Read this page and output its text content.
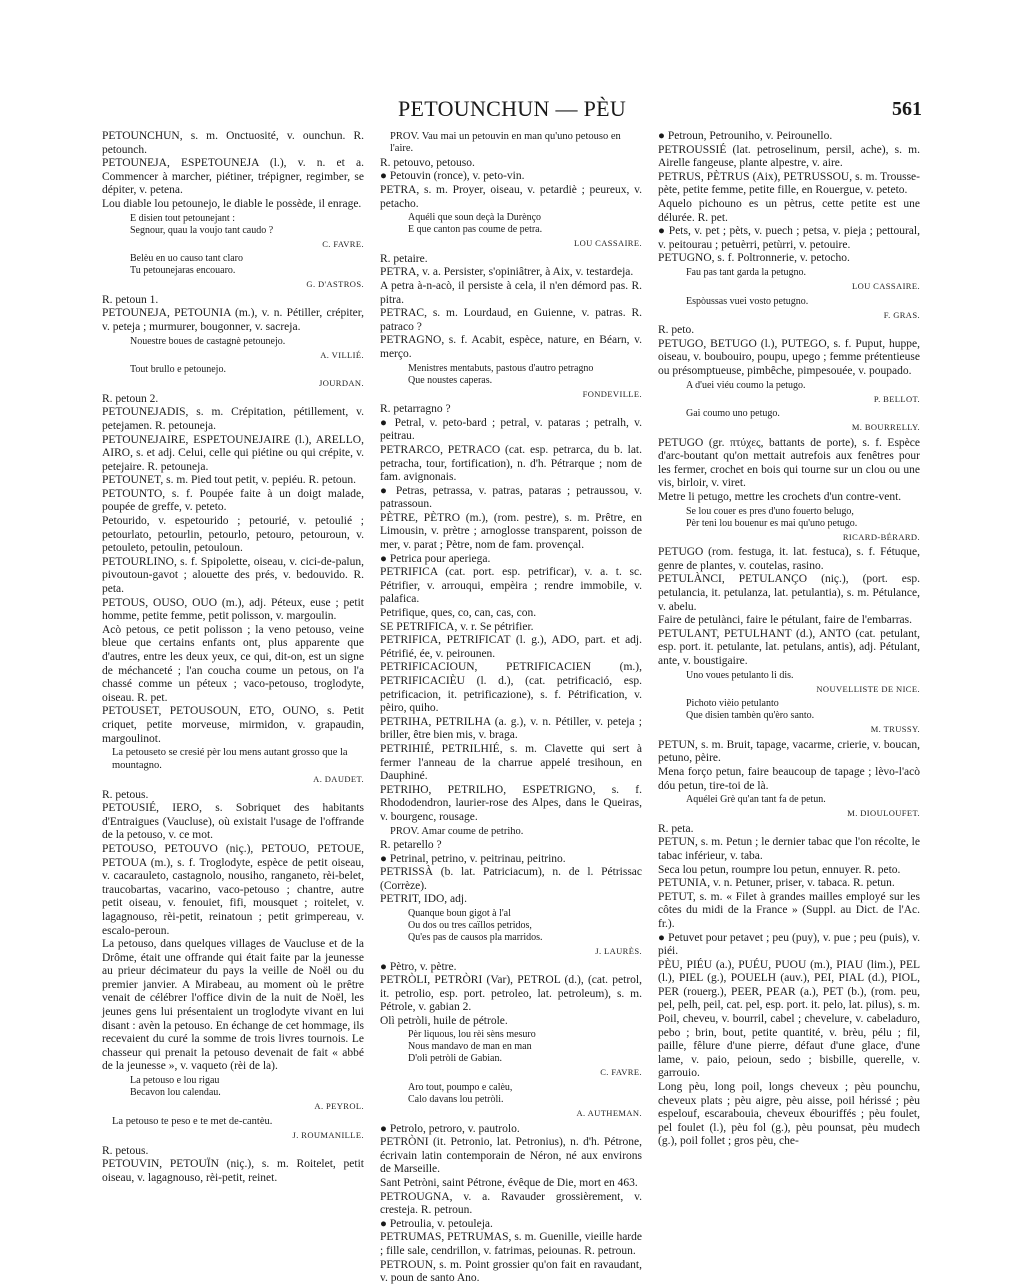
PETOUNCHUN — PÈU	561

PETOUNCHUN, s. m. Onctuosité, v. ounchun. R. petounch.

PETOUNEJA, ESPETOUNEJA (l.), v. n. et a. Commencer à marcher, piétiner, trépigner, regimber, se dépiter, v. petena.

Lou diable lou petounejo, le diable le possède, il enrage.

E disien tout petounejant :
Segnour, quau la voujo tant caudo ?

C. FAVRE.

Belèu en uo causo tant claro
Tu petounejaras encouaro.

G. D'ASTROS.

R. petoun 1.

PETOUNEJA, PETOUNIA (m.), v. n. Pétiller, crépiter, v. peteja ; murmurer, bougonner, v. sacreja.

Nouestre boues de castagnè petounejo.

A. VILLIÉ.

Tout brullo e petounejo.

JOURDAN.

R. petoun 2.

PETOUNEJADIS, s. m. Crépitation, pétillement, v. petejamen. R. petouneja.

PETOUNEJAIRE, ESPETOUNEJAIRE (l.), ARELLO, AIRO, s. et adj. Celui, celle qui piétine ou qui crépite, v. petejaire. R. petouneja.

PETOUNET, s. m. Pied tout petit, v. pepiéu. R. petoun.

PETOUNTO, s. f. Poupée faite à un doigt malade, poupée de greffe, v. peteto.

Petourido, v. espetourido ; petourié, v. petoulié ; petourlato, petourlin, petourlo, petouro, petouroun, v. petouleto, petoulin, petouloun.

PETOURLINO, s. f. Spipolette, oiseau, v. cici-de-palun, pivoutoun-gavot ; alouette des prés, v. bedouvido. R. peta.

PETOUS, OUSO, OUO (m.), adj. Péteux, euse ; petit homme, petite femme, petit polisson, v. margoulin.

Acò petous, ce petit polisson ; la veno petouso, veine bleue que certains enfants ont, plus apparente que d'autres, entre les deux yeux, ce qui, dit-on, est un signe de méchanceté ; l'an coucha coume un petous, on l'a chassé comme un péteux ; vaco-petouso, troglodyte, oiseau. R. pet.

PETOUSET, PETOUSOUN, ETO, OUNO, s. Petit criquet, petite morveuse, mirmidon, v. grapaudin, margoulinot.

La petouseto se cresié pèr lou mens autant grosso que la mountagno.

A. DAUDET.

R. petous.

PETOUSIÉ, IERO, s. Sobriquet des habitants d'Entraigues (Vaucluse), où existait l'usage de l'offrande de la petouso, v. ce mot.

PETOUSO, PETOUVO (niç.), PETOUO, PETOUE, PETOUA (m.), s. f. Troglodyte, espèce de petit oiseau, v. cacarauleto, castagnolo, nousiho, ranganeto, rèi-belet, traucobartas, vacarino, vaco-petouso ; chantre, autre petit oiseau, v. fenouiet, fifi, mousquet ; roitelet, v. lagagnouso, rèi-petit, reinatoun ; petit grimpereau, v. escalo-peroun.

La petouso, dans quelques villages de Vaucluse et de la Drôme, était une offrande qui était faite par la jeunesse au prieur décimateur du pays la veille de Noël ou du premier janvier. A Mirabeau, au moment où le prêtre venait de célébrer l'office divin de la nuit de Noël, les jeunes gens lui présentaient un troglodyte vivant en lui disant : avèn la petouso. En échange de cet hommage, ils recevaient du curé la somme de trois livres tournois. Le chasseur qui prenait la petouso devenait de fait « abbé de la jeunesse », v. vaqueto (rèi de la).

La petouso e lou rigau
Becavon lou calendau.

A. PEYROL.

La petouso te peso e te met de-cantèu.

J. ROUMANILLE.

R. petous.

PETOUVIN, PETOUÏN (niç.), s. m. Roitelet, petit oiseau, v. lagagnouso, rèi-petit, reinet.

PROV. Vau mai un petouvin en man qu'uno petouso en l'aire.

R. petouvo, petouso.

● Petouvin (ronce), v. peto-vin.

PETRA, s. m. Proyer, oiseau, v. petardiè ; peureux, v. petacho.

Aquéli que soun deçà la Durènço
E que canton pas coume de petra.

LOU CASSAIRE.

R. petaire.

PETRA, v. a. Persister, s'opiniâtrer, à Aix, v. testardeja.

A petra à-n-acò, il persiste à cela, il n'en démord pas. R. pitra.

PETRAC, s. m. Lourdaud, en Guienne, v. patras. R. patraco ?

PETRAGNO, s. f. Acabit, espèce, nature, en Béarn, v. merço.

Menistres mentabuts, pastous d'autro petragno
Que noustes caperas.

FONDEVILLE.

R. petarragno ?

● Petral, v. peto-bard ; petral, v. pataras ; petralh, v. peitrau.

PETRARCO, PETRACO (cat. esp. petrarca, du b. lat. petracha, tour, fortification), n. d'h. Pétrarque ; nom de fam. avignonais.

● Petras, petrassa, v. patras, pataras ; petraussou, v. patrassoun.

PÈTRE, PÈTRO (m.), (rom. pestre), s. m. Prêtre, en Limousin, v. prètre ; arnoglosse transparent, poisson de mer, v. parat ; Pètre, nom de fam. provençal.

● Petrica pour aperiega.

PETRIFICA (cat. port. esp. petrificar), v. a. t. sc. Pétrifier, v. arrouqui, empèira ; rendre immobile, v. palafica.

Petrifique, ques, co, can, cas, con.

SE PETRIFICA, v. r. Se pétrifier.

PETRIFICA, PETRIFICAT (l. g.), ADO, part. et adj. Pétrifié, ée, v. peirounen.

PETRIFICACIOUN, PETRIFICACIEN (m.), PETRIFICACIÈU (l. d.), (cat. petrificació, esp. petrificacion, it. petrificazione), s. f. Pétrification, v. pèiro, quiho.

PETRIHA, PETRILHA (a. g.), v. n. Pétiller, v. peteja ; briller, être bien mis, v. braga.

PETRIHIÉ, PETRILHIÉ, s. m. Clavette qui sert à fermer l'anneau de la charrue appelé tresihoun, en Dauphiné.

PETRIHO, PETRILHO, ESPETRIGNO, s. f. Rhododendron, laurier-rose des Alpes, dans le Queiras, v. bourgenc, rousage.

PROV. Amar coume de petriho.

R. petarello ?

● Petrinal, petrino, v. peitrinau, peitrino.

PETRISSÀ (b. lat. Patriciacum), n. de l. Pétrissac (Corrèze).

PETRIT, IDO, adj.

Quanque boun gigot à l'al
Ou dos ou tres caïllos petridos,
Qu'es pas de causos pla marridos.

J. LAURÈS.

● Pètro, v. pètre.

PETRÒLI, PETRÒRI (Var), PETROL (d.), (cat. petrol, it. petrolio, esp. port. petroleo, lat. petroleum), s. m. Pétrole, v. gabian 2.

Olì petròli, huile de pétrole.

Pèr liquous, lou rèi sèns mesuro
Nous mandavo de man en man
D'olì petròli de Gabian.

C. FAVRE.

Aro tout, poumpo e calèu,
Calo davans lou petròli.

A. AUTHEMAN.

● Petrolo, petroro, v. pautrolo.

PETRÒNI (it. Petronio, lat. Petronius), n. d'h. Pétrone, écrivain latin contemporain de Néron, né aux environs de Marseille.

Sant Petròni, saint Pétrone, évêque de Die, mort en 463.

PETROUGNA, v. a. Ravauder grossièrement, v. cresteja. R. petroun.

● Petroulia, v. petouleja.

PETRUMAS, PETRUMAS, s. m. Guenille, vieille harde ; fille sale, cendrillon, v. fatrimas, peiounas. R. petroun.

PETROUN, s. m. Point grossier qu'on fait en ravaudant, v. poun de santo Ano.

● Petroun, Petrouniho, v. Peirounello.

PETROUSSIÉ (lat. petroselinum, persil, ache), s. m. Airelle fangeuse, plante alpestre, v. aire.

PETRUS, PÈTRUS (Aix), PETRUSSOU, s. m. Trousse-pète, petite femme, petite fille, en Rouergue, v. peteto.

Aquelo pichouno es un pètrus, cette petite est une délurée. R. pet.

● Pets, v. pet ; pèts, v. puech ; petsa, v. pieja ; pettoural, v. peitourau ; petuèrri, petùrri, v. petouire.

PETUGNO, s. f. Poltronnerie, v. petocho.

Fau pas tant garda la petugno.

LOU CASSAIRE.

Espòussas vuei vosto petugno.

F. GRAS.

R. peto.

PETUGO, BETUGO (l.), PUTEGO, s. f. Puput, huppe, oiseau, v. boubouiro, poupu, upego ; femme prétentieuse ou présomptueuse, pimbêche, pimpesouée, v. poupado.

A d'uei viéu coumo la petugo.

P. BELLOT.

Gai coumo uno petugo.

M. BOURRELLY.

PETUGO (gr. πτύχες, battants de porte), s. f. Espèce d'arc-boutant qu'on mettait autrefois aux fenêtres pour les fermer, crochet en bois qui tourne sur un clou ou une vis, birloir, v. viret.

Metre li petugo, mettre les crochets d'un contre-vent.

Se lou couer es pres d'uno fouerto belugo,
Pèr teni lou bouenur es mai qu'uno petugo.

RICARD-BÉRARD.

PETUGO (rom. festuga, it. lat. festuca), s. f. Fétuque, genre de plantes, v. coutelas, rasino.

PETULÀNCI, PETULANÇO (niç.), (port. esp. petulancia, it. petulanza, lat. petulantia), s. m. Pétulance, v. abelu.

Faire de petulànci, faire le pétulant, faire de l'embarras.

PETULANT, PETULHANT (d.), ANTO (cat. petulant, esp. port. it. petulante, lat. petulans, antis), adj. Pétulant, ante, v. boustigaire.

Uno voues petulanto li dis.

NOUVELLISTE DE NICE.

Pichoto vièio petulanto
Que disien tambèn qu'èro santo.

M. TRUSSY.

PETUN, s. m. Bruit, tapage, vacarme, crierie, v. boucan, petuno, pèire.

Mena forço petun, faire beaucoup de tapage ; lèvo-l'acò dóu petun, tire-toi de là.

Aquélei Grè qu'an tant fa de petun.

M. DIOULOUFET.

R. peta.

PETUN, s. m. Petun ; le dernier tabac que l'on récolte, le tabac inférieur, v. taba.

Seca lou petun, roumpre lou petun, ennuyer. R. peto.

PETUNIA, v. n. Petuner, priser, v. tabaca. R. petun.

PETUT, s. m. « Filet à grandes mailles employé sur les côtes du midi de la France » (Suppl. au Dict. de l'Ac. fr.).

● Petuvet pour petavet ; peu (puy), v. pue ; peu (puis), v. piéi.

PÈU, PIÉU (a.), PUÉU, PUOU (m.), PIAU (lim.), PEL (l.), PIEL (g.), POUELH (auv.), PEI, PIAL (d.), PIOL, PER (rouerg.), PEER, PEAR (a.), PET (b.), (rom. peu, pel, pelh, peil, cat. pel, esp. port. it. pelo, lat. pilus), s. m. Poil, cheveu, v. bourril, cabel ; chevelure, v. cabeladuro, pebo ; brin, bout, petite quantité, v. brèu, pélu ; fil, paille, fêlure d'une pierre, défaut d'une glace, d'une lame, v. paio, peioun, sedo ; bisbille, querelle, v. garrouio.

Long pèu, long poil, longs cheveux ; pèu pounchu, cheveux plats ; pèu aigre, pèu aisse, poil hérissé ; pèu espelouf, escarabouia, cheveux ébouriffés ; pèu foulet, pel foulet (l.), pèu fol (g.), pèu pounsat, pèu mudech (g.), poil follet ; gros pèu, che-
